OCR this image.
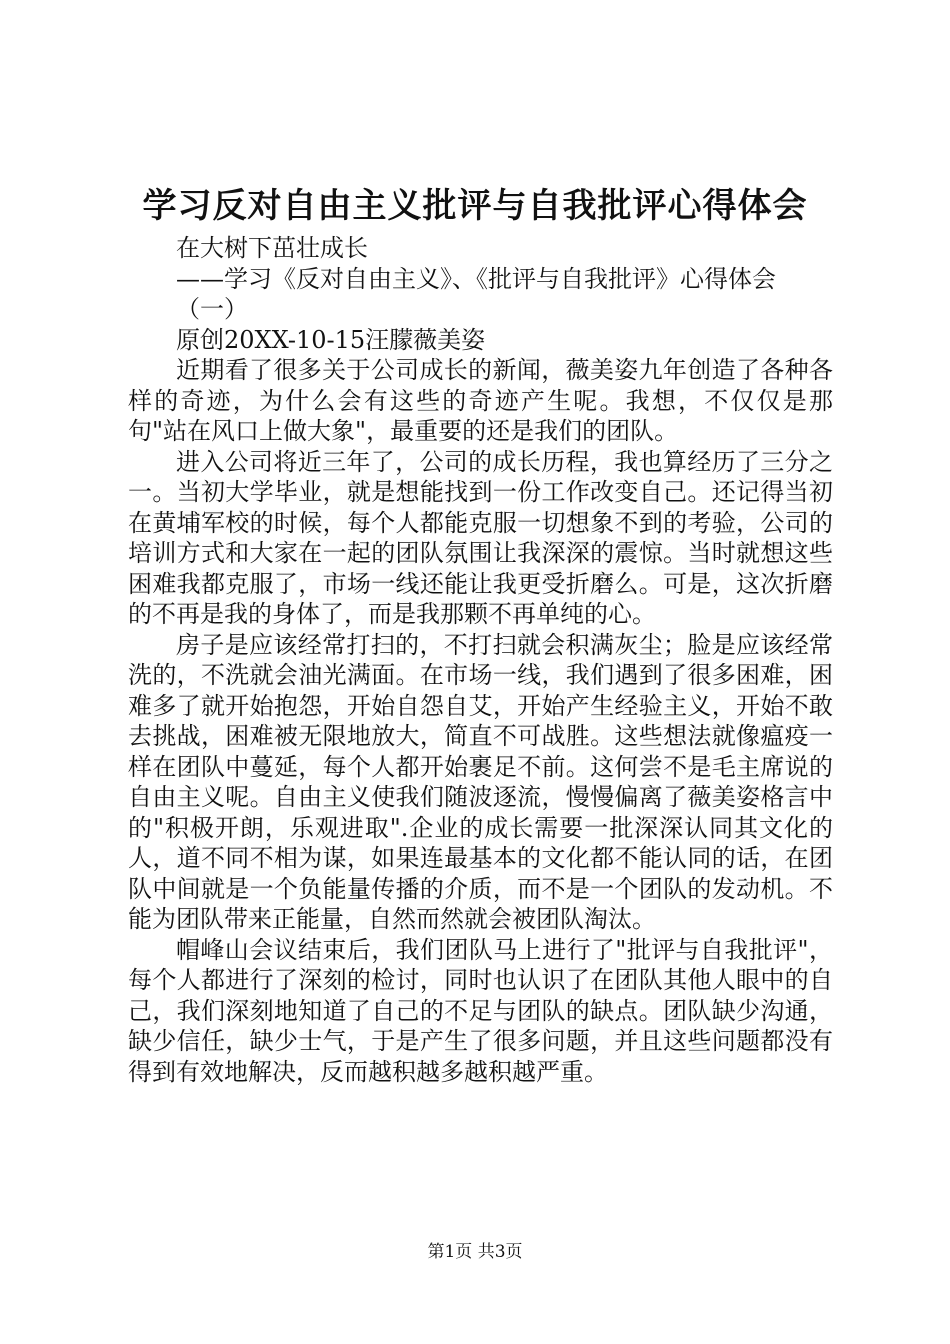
学习反对自由主义批评与自我批评心得体会

在大树下茁壮成长

——学习《反对自由主义》、《批评与自我批评》心得体会

（一）

原创20XX-10-15汪朦薇美姿

近期看了很多关于公司成长的新闻，薇美姿九年创造了各种各样的奇迹，为什么会有这些的奇迹产生呢。我想，不仅仅是那句"站在风口上做大象"，最重要的还是我们的团队。

进入公司将近三年了，公司的成长历程，我也算经历了三分之一。当初大学毕业，就是想能找到一份工作改变自己。还记得当初在黄埔军校的时候，每个人都能克服一切想象不到的考验，公司的培训方式和大家在一起的团队氛围让我深深的震惊。当时就想这些困难我都克服了，市场一线还能让我更受折磨么。可是，这次折磨的不再是我的身体了，而是我那颗不再单纯的心。

房子是应该经常打扫的，不打扫就会积满灰尘；脸是应该经常洗的，不洗就会油光满面。在市场一线，我们遇到了很多困难，困难多了就开始抱怨，开始自怨自艾，开始产生经验主义，开始不敢去挑战，困难被无限地放大，简直不可战胜。这些想法就像瘟疫一样在团队中蔓延，每个人都开始裹足不前。这何尝不是毛主席说的自由主义呢。自由主义使我们随波逐流，慢慢偏离了薇美姿格言中的"积极开朗，乐观进取".企业的成长需要一批深深认同其文化的人，道不同不相为谋，如果连最基本的文化都不能认同的话，在团队中间就是一个负能量传播的介质，而不是一个团队的发动机。不能为团队带来正能量，自然而然就会被团队淘汰。

帽峰山会议结束后，我们团队马上进行了"批评与自我批评"，每个人都进行了深刻的检讨，同时也认识了在团队其他人眼中的自己，我们深刻地知道了自己的不足与团队的缺点。团队缺少沟通，缺少信任，缺少士气，于是产生了很多问题，并且这些问题都没有得到有效地解决，反而越积越多越积越严重。

第1页 共3页
